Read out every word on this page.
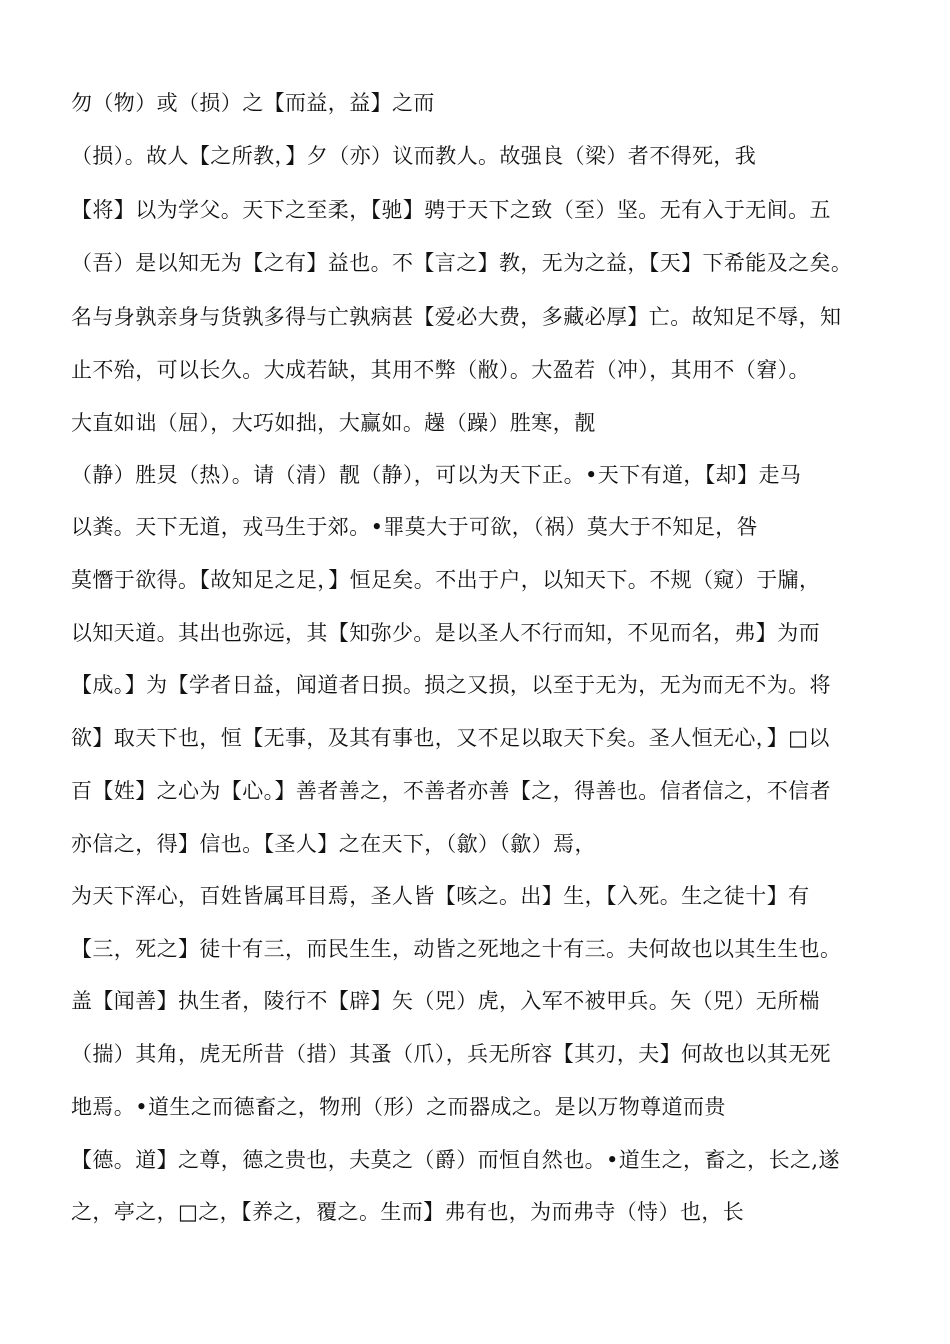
勿（物）或（损）之【而益，益】之而
（损）。故人【之所教，】夕（亦）议而教人。故强良（梁）者不得死，我
【将】以为学父。天下之至柔，【驰】骋于天下之致（至）坚。无有入于无间。五
（吾）是以知无为【之有】益也。不【言之】教，无为之益，【天】下希能及之矣。
名与身孰亲身与货孰多得与亡孰病甚【爱必大费，多藏必厚】亡。故知足不辱，知
止不殆，可以长久。大成若缺，其用不弊（敝）。大盈若（冲），其用不（窘）。
大直如诎（屈），大巧如拙，大赢如。趮（躁）胜寒，靓
（静）胜炅（热）。请（清）靓（静），可以为天下正。•天下有道，【却】走马
以粪。天下无道，戎马生于郊。•罪莫大于可欲，（祸）莫大于不知足，咎
莫憯于欲得。【故知足之足，】恒足矣。不出于户，以知天下。不规（窥）于牖，
以知天道。其出也弥远，其【知弥少。是以圣人不行而知，不见而名，弗】为而
【成。】为【学者日益，闻道者日损。损之又损，以至于无为，无为而无不为。将
欲】取天下也，恒【无事，及其有事也，又不足以取天下矣。圣人恒无心，】□以
百【姓】之心为【心。】善者善之，不善者亦善【之，得善也。信者信之，不信者
亦信之，得】信也。【圣人】之在天下，（歙）（歙）焉，
为天下浑心，百姓皆属耳目焉，圣人皆【咳之。出】生，【入死。生之徒十】有
【三，死之】徒十有三，而民生生，动皆之死地之十有三。夫何故也以其生生也。
盖【闻善】执生者，陵行不【辟】矢（兕）虎，入军不被甲兵。矢（兕）无所椯
（揣）其角，虎无所昔（措）其蚤（爪），兵无所容【其刃，夫】何故也以其无死
地焉。•道生之而德畜之，物刑（形）之而器成之。是以万物尊道而贵
【德。道】之尊，德之贵也，夫莫之（爵）而恒自然也。•道生之，畜之，长之,遂
之，亭之，□之，【养之，覆之。生而】弗有也，为而弗寺（恃）也，长
